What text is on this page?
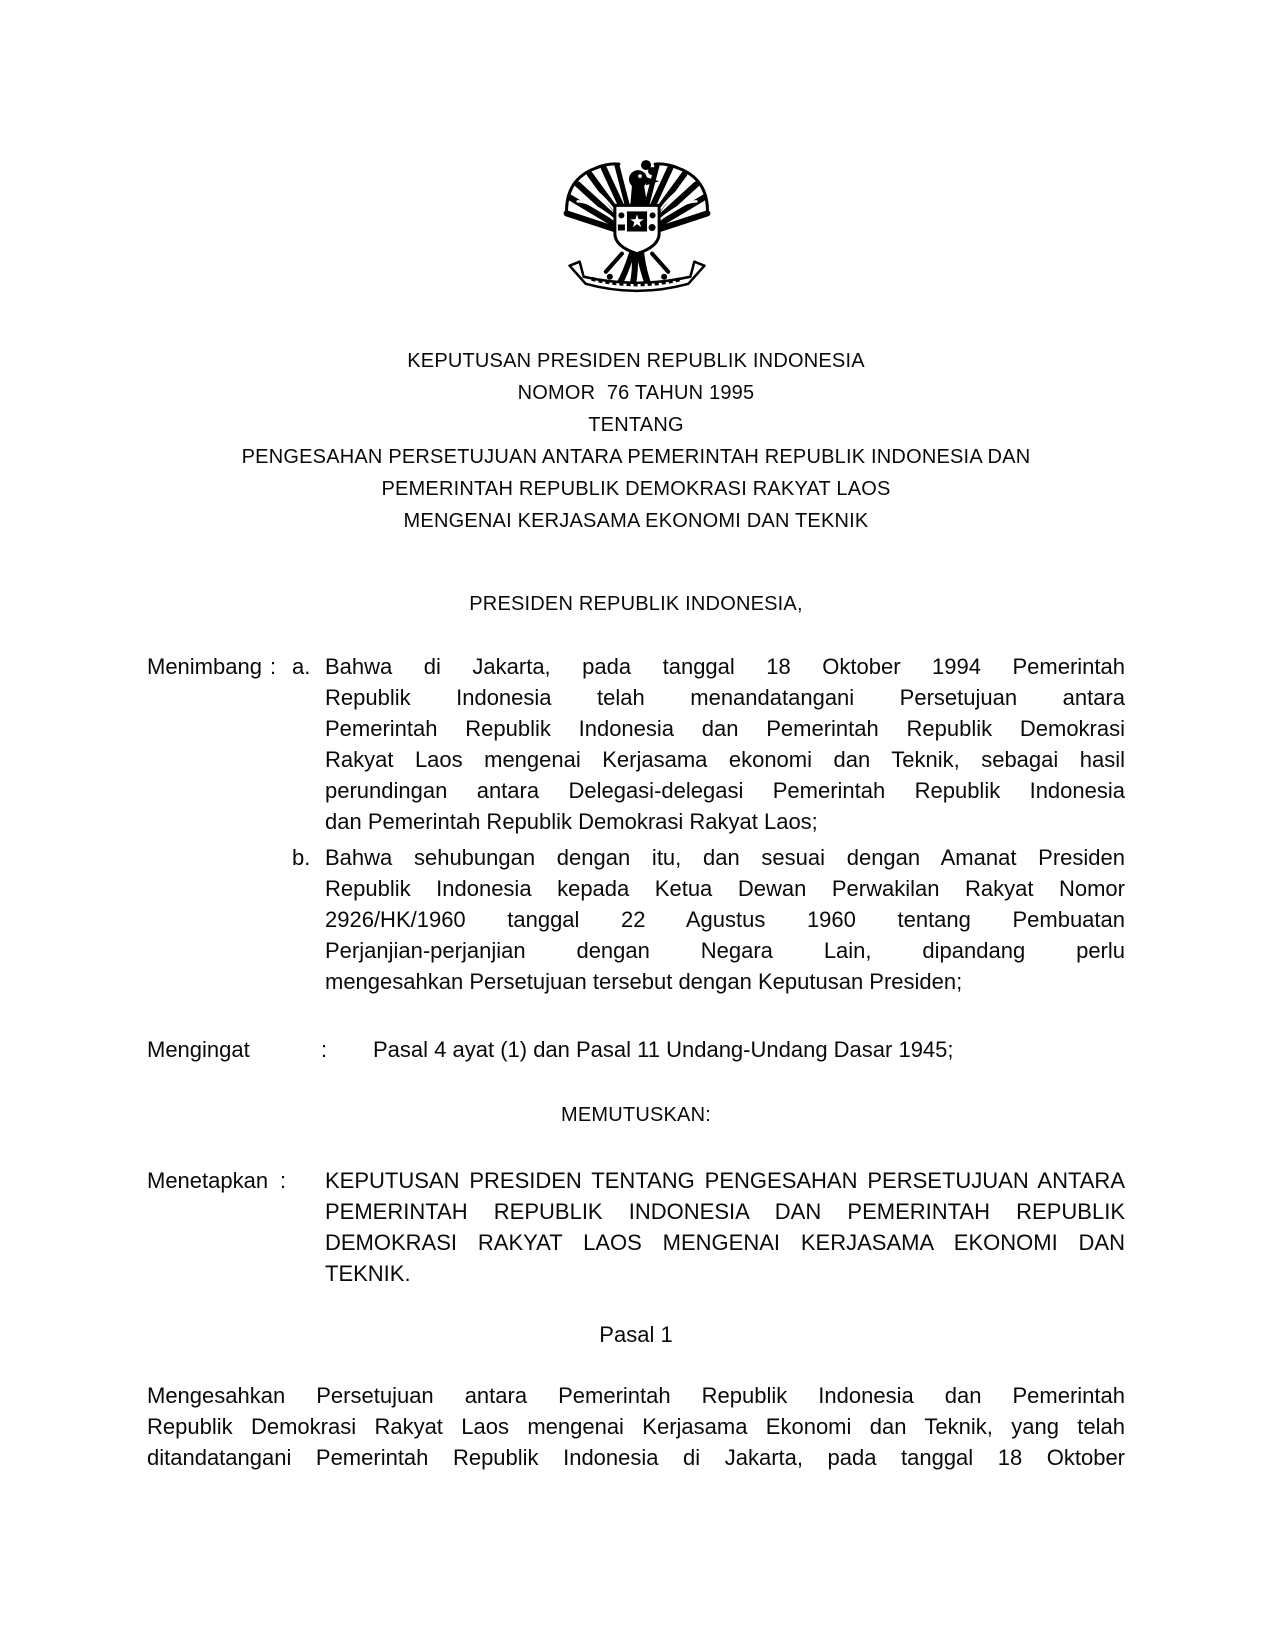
KEPUTUSAN PRESIDEN REPUBLIK INDONESIA
NOMOR  76 TAHUN 1995
TENTANG
PENGESAHAN PERSETUJUAN ANTARA PEMERINTAH REPUBLIK INDONESIA DAN
PEMERINTAH REPUBLIK DEMOKRASI RAKYAT LAOS
MENGENAI KERJASAMA EKONOMI DAN TEKNIK
PRESIDEN REPUBLIK INDONESIA,
Menimbang : a. Bahwa di Jakarta, pada tanggal 18 Oktober 1994 Pemerintah
Republik Indonesia telah menandatangani Persetujuan antara
Pemerintah Republik Indonesia dan Pemerintah Republik Demokrasi
Rakyat Laos mengenai Kerjasama ekonomi dan Teknik, sebagai hasil
perundingan antara Delegasi-delegasi Pemerintah Republik Indonesia
dan Pemerintah Republik Demokrasi Rakyat Laos;
b. Bahwa sehubungan dengan itu, dan sesuai dengan Amanat Presiden
Republik Indonesia kepada Ketua Dewan Perwakilan Rakyat Nomor
2926/HK/1960 tanggal 22 Agustus 1960 tentang Pembuatan
Perjanjian-perjanjian dengan Negara Lain, dipandang perlu
mengesahkan Persetujuan tersebut dengan Keputusan Presiden;
Mengingat	: Pasal 4 ayat (1) dan Pasal 11 Undang-Undang Dasar 1945;
MEMUTUSKAN:
Menetapkan : KEPUTUSAN PRESIDEN TENTANG PENGESAHAN PERSETUJUAN ANTARA
PEMERINTAH REPUBLIK INDONESIA DAN PEMERINTAH REPUBLIK
DEMOKRASI RAKYAT LAOS MENGENAI KERJASAMA EKONOMI DAN
TEKNIK.
Pasal 1
Mengesahkan Persetujuan antara Pemerintah Republik Indonesia dan Pemerintah
Republik Demokrasi Rakyat Laos mengenai Kerjasama Ekonomi dan Teknik, yang telah
ditandatangani Pemerintah Republik Indonesia di Jakarta, pada tanggal 18 Oktober
